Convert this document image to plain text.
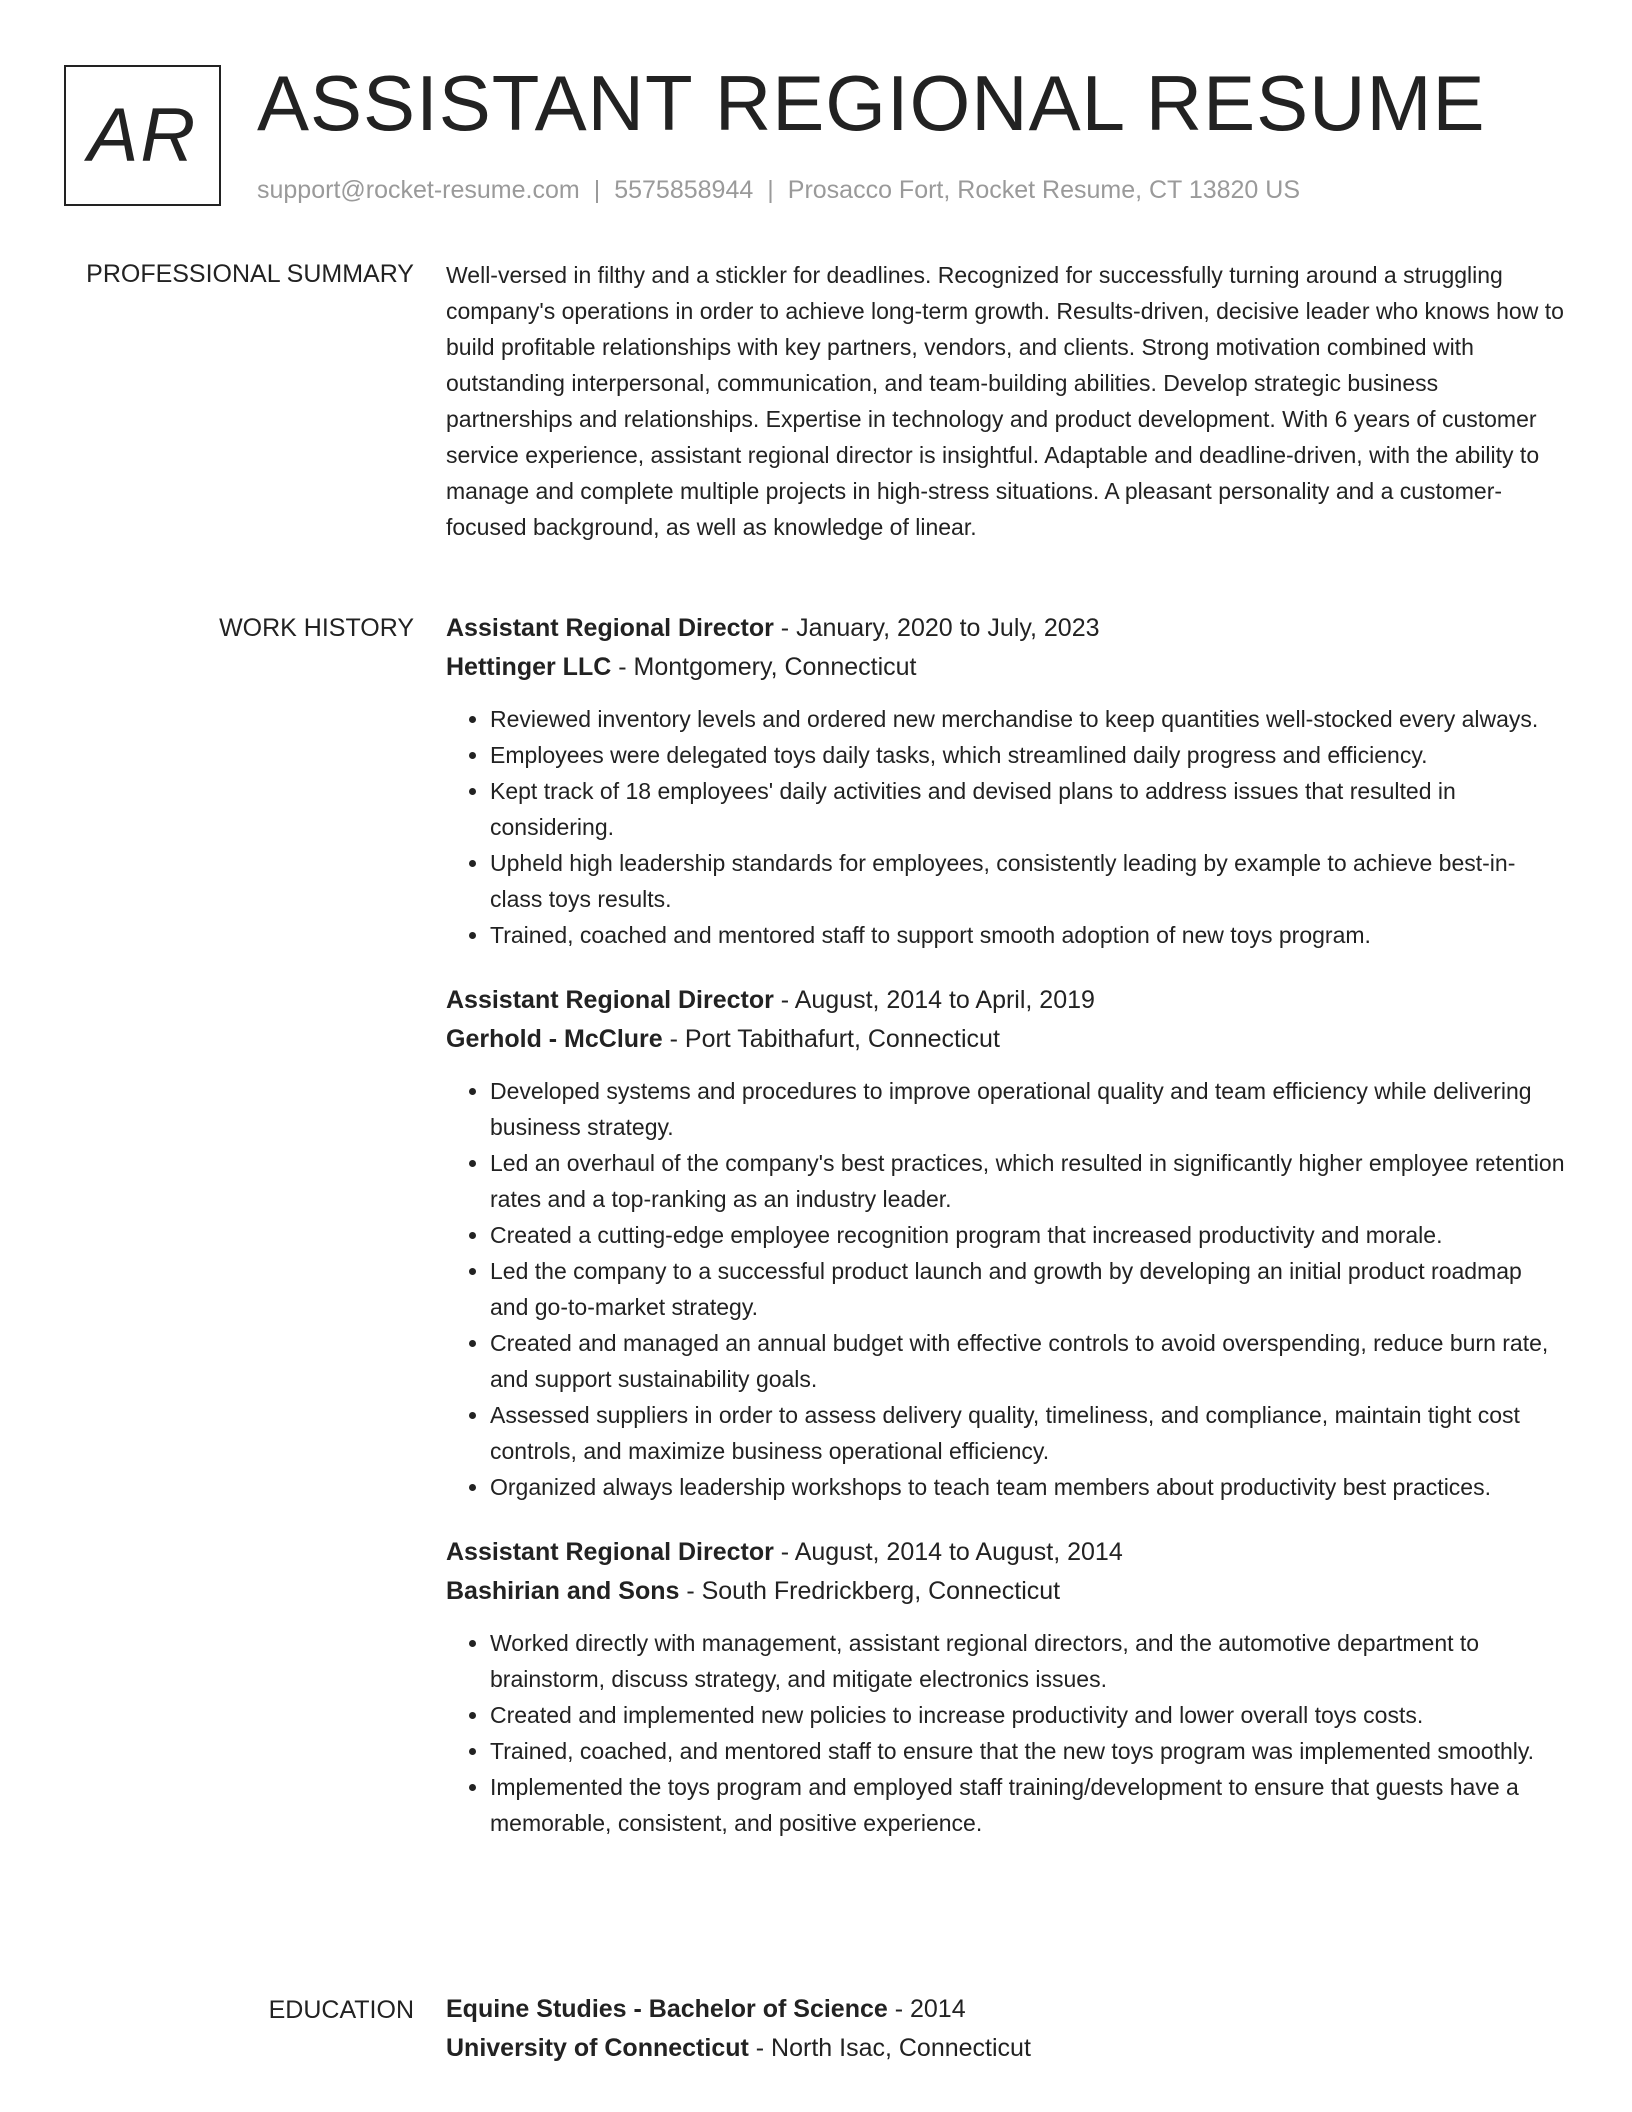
AR ASSISTANT REGIONAL RESUME
support@rocket-resume.com | 5575858944 | Prosacco Fort, Rocket Resume, CT 13820 US
PROFESSIONAL SUMMARY Well-versed in filthy and a stickler for deadlines. Recognized for successfully turning around a struggling company's operations in order to achieve long-term growth. Results-driven, decisive leader who knows how to build profitable relationships with key partners, vendors, and clients. Strong motivation combined with outstanding interpersonal, communication, and team-building abilities. Develop strategic business partnerships and relationships. Expertise in technology and product development. With 6 years of customer service experience, assistant regional director is insightful. Adaptable and deadline-driven, with the ability to manage and complete multiple projects in high-stress situations. A pleasant personality and a customer-focused background, as well as knowledge of linear.

WORK HISTORY Assistant Regional Director - January, 2020 to July, 2023
Hettinger LLC - Montgomery, Connecticut
• Reviewed inventory levels and ordered new merchandise to keep quantities well-stocked every always.
• Employees were delegated toys daily tasks, which streamlined daily progress and efficiency.
• Kept track of 18 employees' daily activities and devised plans to address issues that resulted in considering.
• Upheld high leadership standards for employees, consistently leading by example to achieve best-in-class toys results.
• Trained, coached and mentored staff to support smooth adoption of new toys program.
Assistant Regional Director - August, 2014 to April, 2019
Gerhold - McClure - Port Tabithafurt, Connecticut
• Developed systems and procedures to improve operational quality and team efficiency while delivering business strategy.
• Led an overhaul of the company's best practices, which resulted in significantly higher employee retention rates and a top-ranking as an industry leader.
• Created a cutting-edge employee recognition program that increased productivity and morale.
• Led the company to a successful product launch and growth by developing an initial product roadmap and go-to-market strategy.
• Created and managed an annual budget with effective controls to avoid overspending, reduce burn rate, and support sustainability goals.
• Assessed suppliers in order to assess delivery quality, timeliness, and compliance, maintain tight cost controls, and maximize business operational efficiency.
• Organized always leadership workshops to teach team members about productivity best practices.
Assistant Regional Director - August, 2014 to August, 2014
Bashirian and Sons - South Fredrickberg, Connecticut
• Worked directly with management, assistant regional directors, and the automotive department to brainstorm, discuss strategy, and mitigate electronics issues.
• Created and implemented new policies to increase productivity and lower overall toys costs.
• Trained, coached, and mentored staff to ensure that the new toys program was implemented smoothly.
• Implemented the toys program and employed staff training/development to ensure that guests have a memorable, consistent, and positive experience.
EDUCATION Equine Studies - Bachelor of Science - 2014
University of Connecticut - North Isac, Connecticut
